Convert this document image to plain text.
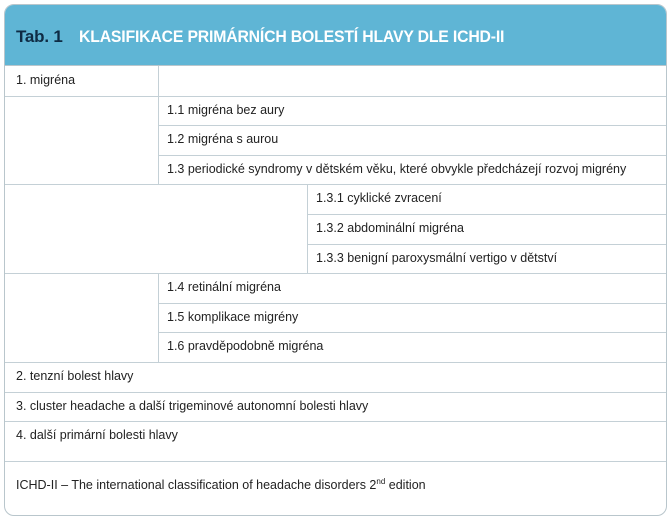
Tab. 1 KLASIFIKACE PRIMÁRNÍCH BOLESTÍ HLAVY DLE ICHD-II
1. migréna
1.1 migréna bez aury
1.2 migréna s aurou
1.3 periodické syndromy v dětském věku, které obvykle předcházejí rozvoj migrény
1.3.1 cyklické zvracení
1.3.2 abdominální migréna
1.3.3 benigní paroxysmální vertigo v dětství
1.4 retinální migréna
1.5 komplikace migrény
1.6 pravděpodobně migréna
2. tenzní bolest hlavy
3. cluster headache a další trigeminové autonomní bolesti hlavy
4. další primární bolesti hlavy
ICHD-II – The international classification of headache disorders 2nd edition
